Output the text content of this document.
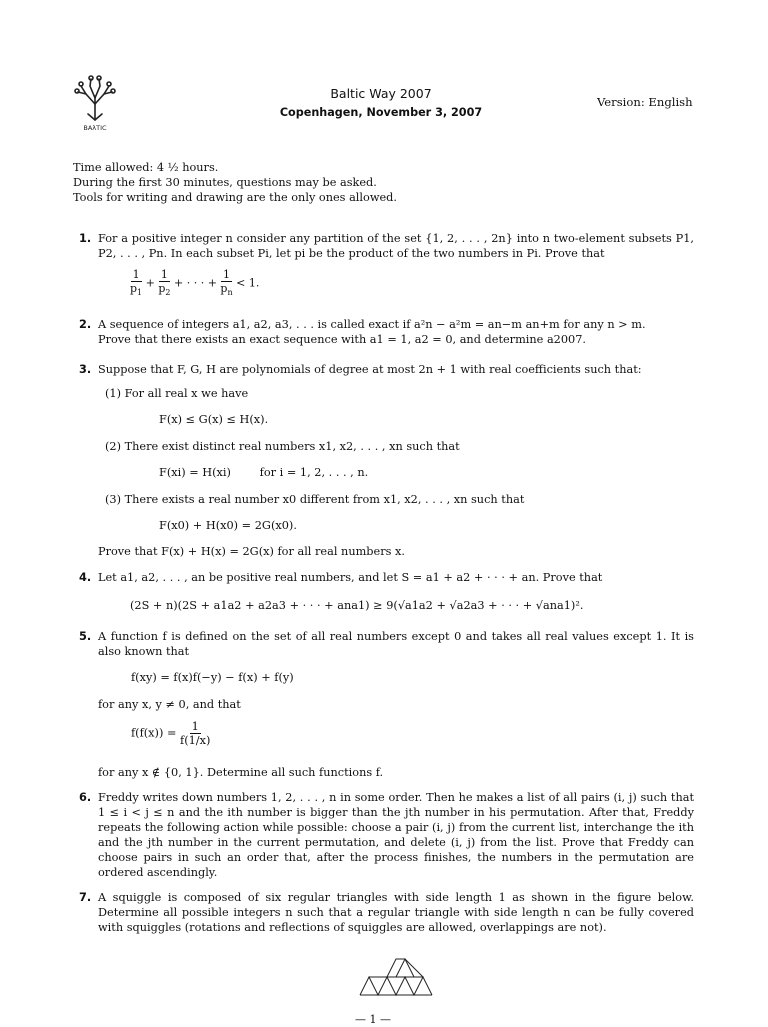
BAλTIC
Baltic Way 2007
Copenhagen, November 3, 2007
Version: English
Time allowed: 4 ½ hours.
During the first 30 minutes, questions may be asked.
Tools for writing and drawing are the only ones allowed.
1. For a positive integer n consider any partition of the set {1, 2, . . . , 2n} into n two-element subsets P1, P2, . . . , Pn. In each subset Pi, let pi be the product of the two numbers in Pi. Prove that
$\frac{1}{p_1} + \frac{1}{p_2}$ + · · · + $\frac{1}{p_n} < 1$.
2. A sequence of integers a1, a2, a3, . . . is called exact if a²n − a²m = an−m an+m for any n > m.
Prove that there exists an exact sequence with a1 = 1, a2 = 0, and determine a2007.
3. Suppose that F, G, H are polynomials of degree at most 2n + 1 with real coefficients such that:
(1) For all real x we have
F(x) ≤ G(x) ≤ H(x).
(2) There exist distinct real numbers x1, x2, . . . , xn such that
F(xi) = H(xi)        for i = 1, 2, . . . , n.
(3) There exists a real number x0 different from x1, x2, . . . , xn such that
F(x0) + H(x0) = 2G(x0).
Prove that F(x) + H(x) = 2G(x) for all real numbers x.
4. Let a1, a2, . . . , an be positive real numbers, and let S = a1 + a2 + · · · + an. Prove that
(2S + n)(2S + a1a2 + a2a3 + · · · + ana1) ≥ 9(√a1a2 + √a2a3 + · · · + √ana1)².
5. A function f is defined on the set of all real numbers except 0 and takes all real values except 1. It is also known that
f(xy) = f(x)f(−y) − f(x) + f(y)
for any x, y ≠ 0, and that
$f(f(x)) = \frac{1}{f(1/x)}$
for any x ∉ {0, 1}. Determine all such functions f.
6. Freddy writes down numbers 1, 2, . . . , n in some order. Then he makes a list of all pairs (i, j) such that 1 ≤ i < j ≤ n and the ith number is bigger than the jth number in his permutation. After that, Freddy repeats the following action while possible: choose a pair (i, j) from the current list, interchange the ith and the jth number in the current permutation, and delete (i, j) from the list. Prove that Freddy can choose pairs in such an order that, after the process finishes, the numbers in the permutation are ordered ascendingly.
7. A squiggle is composed of six regular triangles with side length 1 as shown in the figure below. Determine all possible integers n such that a regular triangle with side length n can be fully covered with squiggles (rotations and reflections of squiggles are allowed, overlappings are not).
— 1 —
